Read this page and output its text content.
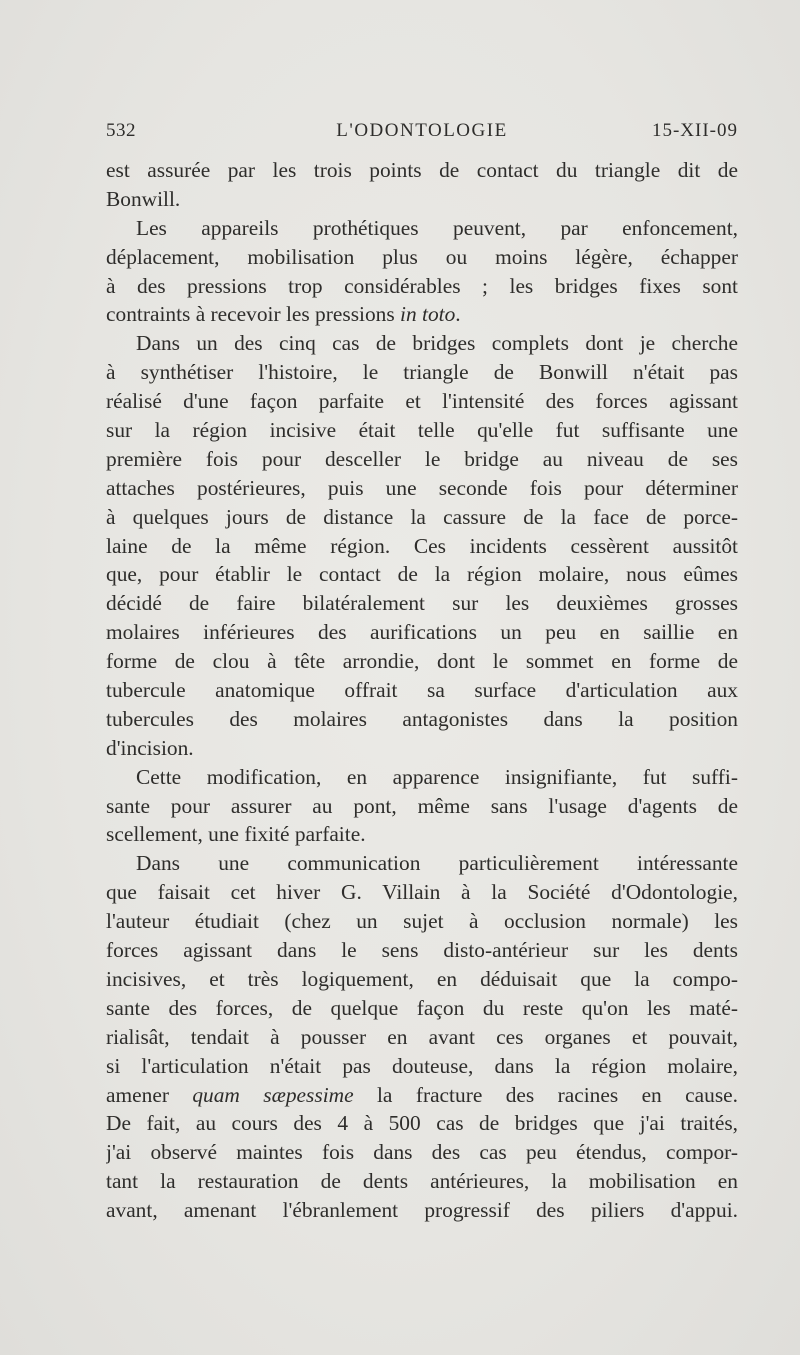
532	L'ODONTOLOGIE	15-XII-09
est assurée par les trois points de contact du triangle dit de
Bonwill.
Les appareils prothétiques peuvent, par enfoncement,
déplacement, mobilisation plus ou moins légère, échapper
à des pressions trop considérables ; les bridges fixes sont
contraints à recevoir les pressions in toto.
Dans un des cinq cas de bridges complets dont je cherche
à synthétiser l'histoire, le triangle de Bonwill n'était pas
réalisé d'une façon parfaite et l'intensité des forces agissant
sur la région incisive était telle qu'elle fut suffisante une
première fois pour desceller le bridge au niveau de ses
attaches postérieures, puis une seconde fois pour déterminer
à quelques jours de distance la cassure de la face de porce-
laine de la même région. Ces incidents cessèrent aussitôt
que, pour établir le contact de la région molaire, nous eûmes
décidé de faire bilatéralement sur les deuxièmes grosses
molaires inférieures des aurifications un peu en saillie en
forme de clou à tête arrondie, dont le sommet en forme de
tubercule anatomique offrait sa surface d'articulation aux
tubercules des molaires antagonistes dans la position
d'incision.
Cette modification, en apparence insignifiante, fut suffi-
sante pour assurer au pont, même sans l'usage d'agents de
scellement, une fixité parfaite.
Dans une communication particulièrement intéressante
que faisait cet hiver G. Villain à la Société d'Odontologie,
l'auteur étudiait (chez un sujet à occlusion normale) les
forces agissant dans le sens disto-antérieur sur les dents
incisives, et très logiquement, en déduisait que la compo-
sante des forces, de quelque façon du reste qu'on les maté-
rialisât, tendait à pousser en avant ces organes et pouvait,
si l'articulation n'était pas douteuse, dans la région molaire,
amener quam sæpessime la fracture des racines en cause.
De fait, au cours des 4 à 500 cas de bridges que j'ai traités,
j'ai observé maintes fois dans des cas peu étendus, compor-
tant la restauration de dents antérieures, la mobilisation en
avant, amenant l'ébranlement progressif des piliers d'appui.
